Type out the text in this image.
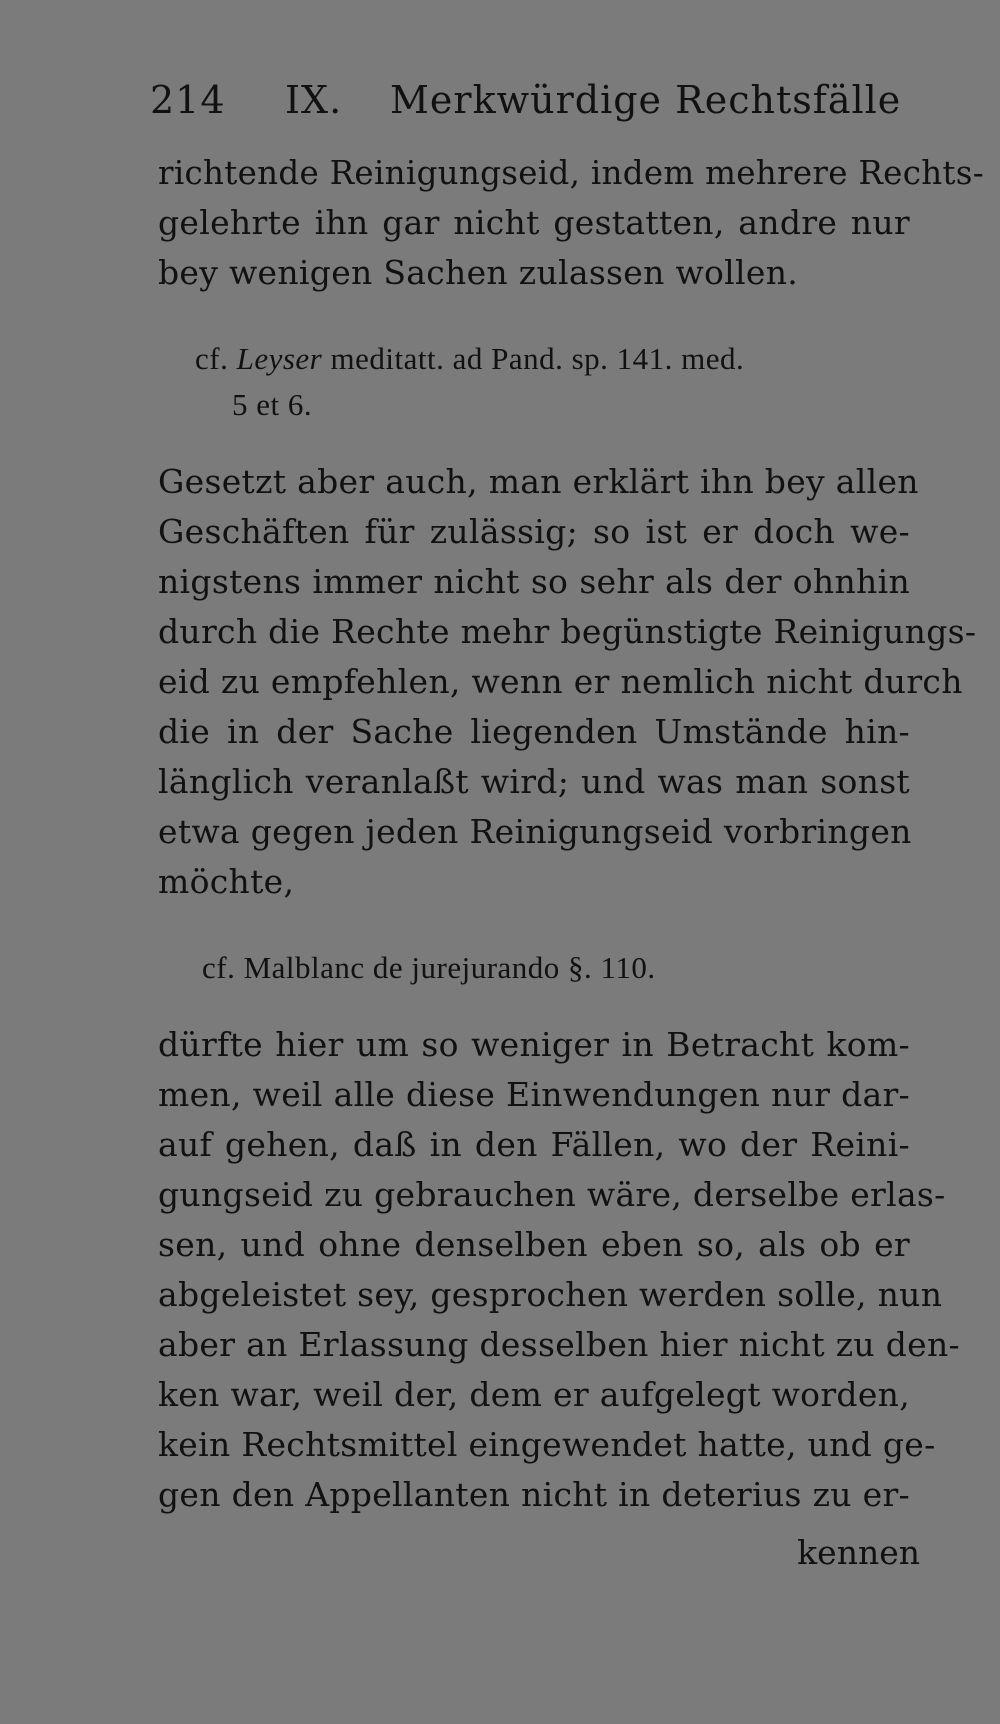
214 IX. Merkwürdige Rechtsfälle
richtende Reinigungseid, indem mehrere Rechts-
gelehrte ihn gar nicht gestatten, andre nur
bey wenigen Sachen zulassen wollen.
cf. Leyser meditatt. ad Pand. sp. 141. med.
5 et 6.
Gesetzt aber auch, man erklärt ihn bey allen
Geschäften für zulässig; so ist er doch we-
nigstens immer nicht so sehr als der ohnhin
durch die Rechte mehr begünstigte Reinigungs-
eid zu empfehlen, wenn er nemlich nicht durch
die in der Sache liegenden Umstände hin-
länglich veranlaßt wird; und was man sonst
etwa gegen jeden Reinigungseid vorbringen
möchte,
cf. Malblanc de jurejurando §. 110.
dürfte hier um so weniger in Betracht kom-
men, weil alle diese Einwendungen nur dar-
auf gehen, daß in den Fällen, wo der Reini-
gungseid zu gebrauchen wäre, derselbe erlas-
sen, und ohne denselben eben so, als ob er
abgeleistet sey, gesprochen werden solle, nun
aber an Erlassung desselben hier nicht zu den-
ken war, weil der, dem er aufgelegt worden,
kein Rechtsmittel eingewendet hatte, und ge-
gen den Appellanten nicht in deterius zu er-
kennen
